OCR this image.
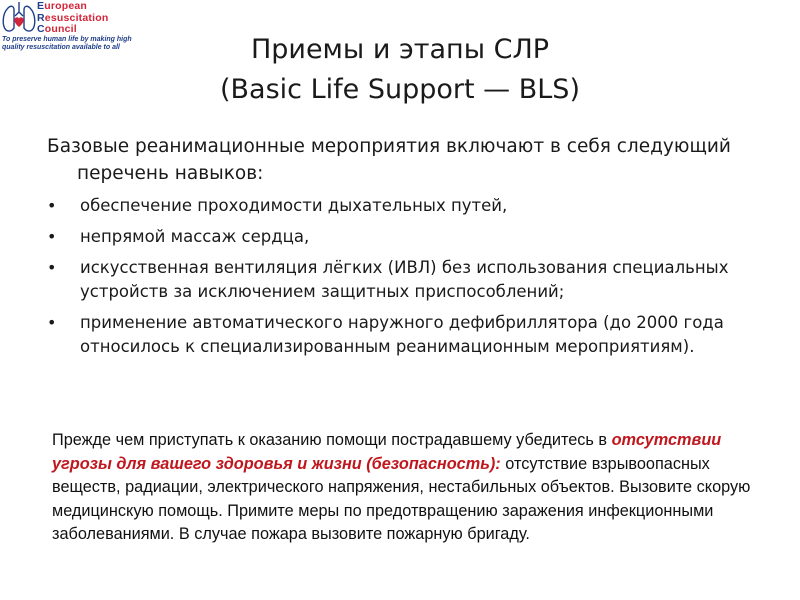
European
Resuscitation
Council
To preserve human life by making high quality resuscitation available to all	Приемы и этапы СЛР
(Basic Life Support — BLS)

Базовые реанимационные мероприятия включают в себя следующий перечень навыков:

• обеспечение проходимости дыхательных путей,
• непрямой массаж сердца,
• искусственная вентиляция лёгких (ИВЛ) без использования специальных устройств за исключением защитных приспособлений;
• применение автоматического наружного дефибриллятора (до 2000 года относилось к специализированным реанимационным мероприятиям).
Прежде чем приступать к оказанию помощи пострадавшему убедитесь в отсутствии угрозы для вашего здоровья и жизни (безопасность): отсутствие взрывоопасных веществ, радиации, электрического напряжения, нестабильных объектов. Вызовите скорую медицинскую помощь. Примите меры по предотвращению заражения инфекционными заболеваниями. В случае пожара вызовите пожарную бригаду.
